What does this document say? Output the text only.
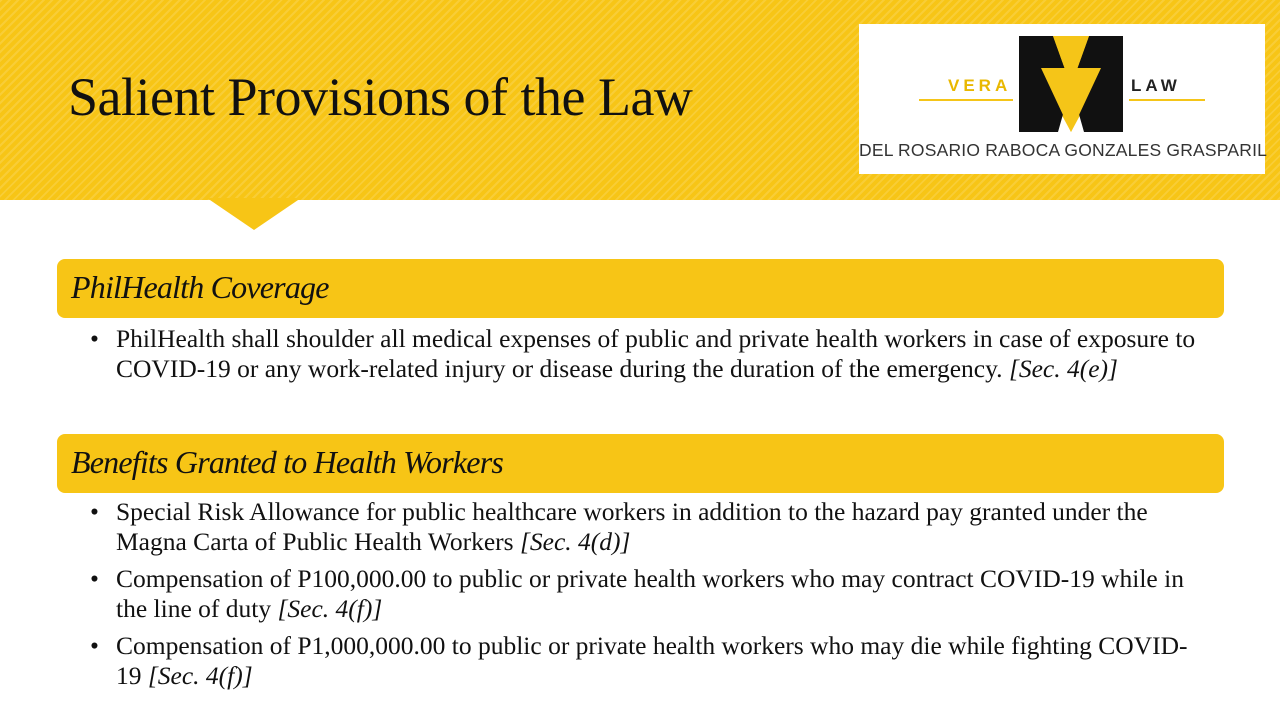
Salient Provisions of the Law	VERA	LAW
DEL ROSARIO RABOCA GONZALES GRASPARIL
PhilHealth Coverage
• PhilHealth shall shoulder all medical expenses of public and private health workers in case of exposure to COVID-19 or any work-related injury or disease during the duration of the emergency. [Sec. 4(e)]
Benefits Granted to Health Workers
• Special Risk Allowance for public healthcare workers in addition to the hazard pay granted under the Magna Carta of Public Health Workers [Sec. 4(d)]
• Compensation of P100,000.00 to public or private health workers who may contract COVID-19 while in the line of duty [Sec. 4(f)]
• Compensation of P1,000,000.00 to public or private health workers who may die while fighting COVID-19 [Sec. 4(f)]
